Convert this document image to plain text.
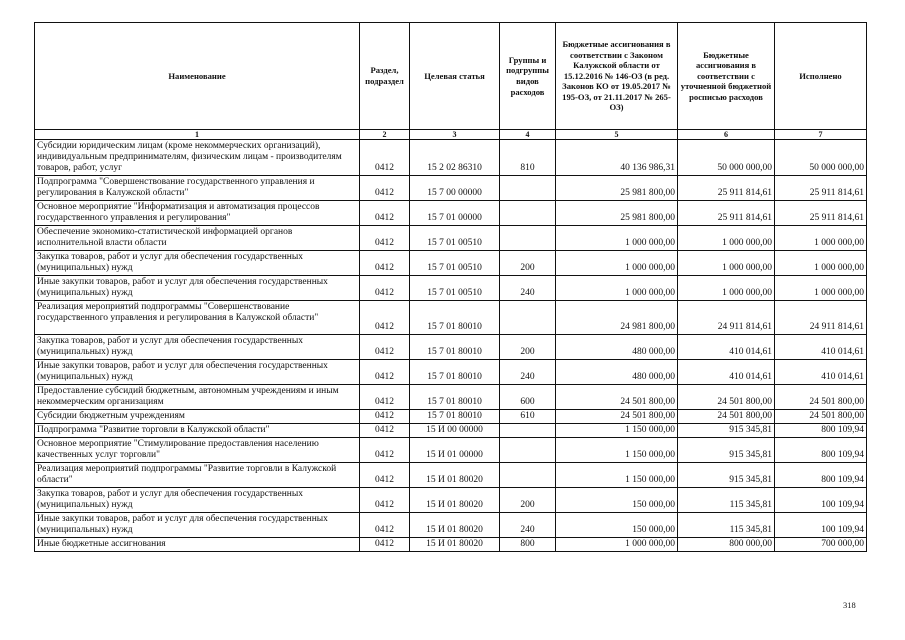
Наименование	Раздел, подраздел	Целевая статья	Группы и подгруппы видов расходов	Бюджетные ассигнования в соответствии с Законом Калужской области от 15.12.2016 № 146-ОЗ (в ред. Законов КО от 19.05.2017 № 195-ОЗ, от 21.11.2017 № 265-ОЗ)	Бюджетные ассигнования в соответствии с уточненной бюджетной росписью расходов	Исполнено
1	2	3	4	5	6	7
Субсидии юридическим лицам (кроме некоммерческих организаций), индивидуальным предпринимателям, физическим лицам - производителям товаров, работ, услуг	0412	15 2 02 86310	810	40 136 986,31	50 000 000,00	50 000 000,00
Подпрограмма "Совершенствование государственного управления и регулирования в Калужской области"	0412	15 7 00 00000		25 981 800,00	25 911 814,61	25 911 814,61
Основное мероприятие "Информатизация и автоматизация процессов государственного управления и регулирования"	0412	15 7 01 00000		25 981 800,00	25 911 814,61	25 911 814,61
Обеспечение экономико-статистической информацией органов исполнительной власти области	0412	15 7 01 00510		1 000 000,00	1 000 000,00	1 000 000,00
Закупка товаров, работ и услуг для обеспечения государственных (муниципальных) нужд	0412	15 7 01 00510	200	1 000 000,00	1 000 000,00	1 000 000,00
Иные закупки товаров, работ и услуг для обеспечения государственных (муниципальных) нужд	0412	15 7 01 00510	240	1 000 000,00	1 000 000,00	1 000 000,00
Реализация мероприятий подпрограммы "Совершенствование государственного управления и регулирования в Калужской области"	0412	15 7 01 80010		24 981 800,00	24 911 814,61	24 911 814,61
Закупка товаров, работ и услуг для обеспечения государственных (муниципальных) нужд	0412	15 7 01 80010	200	480 000,00	410 014,61	410 014,61
Иные закупки товаров, работ и услуг для обеспечения государственных (муниципальных) нужд	0412	15 7 01 80010	240	480 000,00	410 014,61	410 014,61
Предоставление субсидий бюджетным, автономным учреждениям и иным некоммерческим организациям	0412	15 7 01 80010	600	24 501 800,00	24 501 800,00	24 501 800,00
Субсидии бюджетным учреждениям	0412	15 7 01 80010	610	24 501 800,00	24 501 800,00	24 501 800,00
Подпрограмма "Развитие торговли в Калужской области"	0412	15 И 00 00000		1 150 000,00	915 345,81	800 109,94
Основное мероприятие "Стимулирование предоставления населению качественных услуг торговли"	0412	15 И 01 00000		1 150 000,00	915 345,81	800 109,94
Реализация мероприятий подпрограммы "Развитие торговли в Калужской области"	0412	15 И 01 80020		1 150 000,00	915 345,81	800 109,94
Закупка товаров, работ и услуг для обеспечения государственных (муниципальных) нужд	0412	15 И 01 80020	200	150 000,00	115 345,81	100 109,94
Иные закупки товаров, работ и услуг для обеспечения государственных (муниципальных) нужд	0412	15 И 01 80020	240	150 000,00	115 345,81	100 109,94
Иные бюджетные ассигнования	0412	15 И 01 80020	800	1 000 000,00	800 000,00	700 000,00
318
